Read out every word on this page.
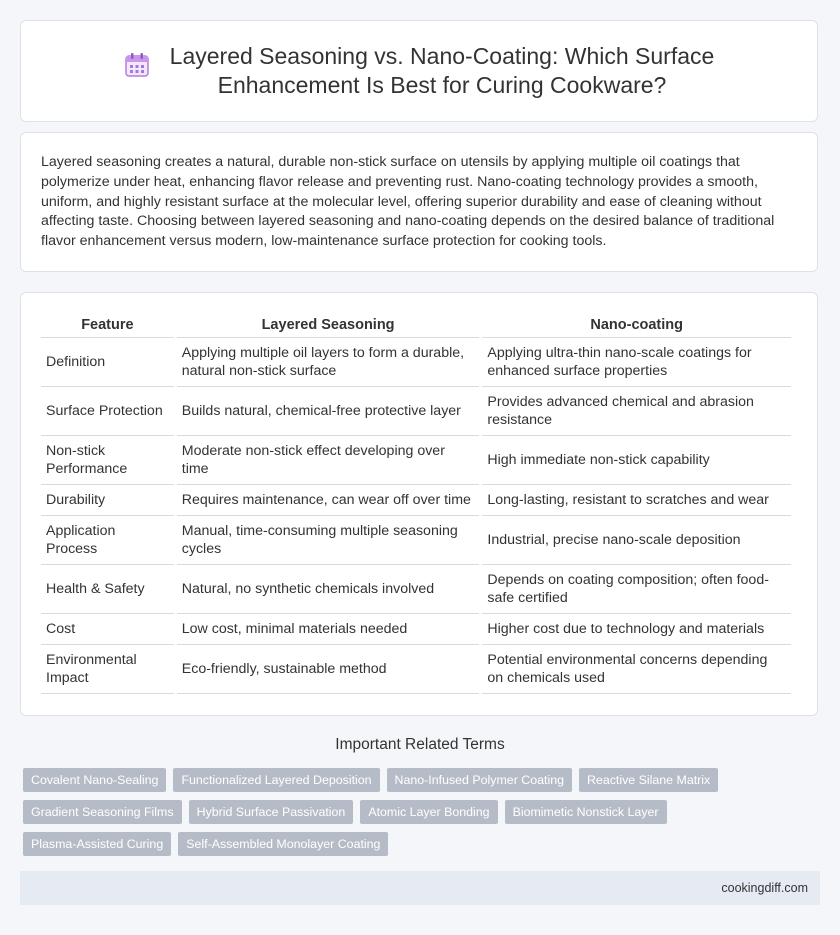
Layered Seasoning vs. Nano-Coating: Which Surface
Enhancement Is Best for Curing Cookware?

Layered seasoning creates a natural, durable non-stick surface on utensils by applying multiple oil coatings that polymerize under heat, enhancing flavor release and preventing rust. Nano-coating technology provides a smooth, uniform, and highly resistant surface at the molecular level, offering superior durability and ease of cleaning without affecting taste. Choosing between layered seasoning and nano-coating depends on the desired balance of traditional flavor enhancement versus modern, low-maintenance surface protection for cooking tools.

Feature	Layered Seasoning	Nano-coating
Definition	Applying multiple oil layers to form a durable, natural non-stick surface	Applying ultra-thin nano-scale coatings for enhanced surface properties
Surface Protection	Builds natural, chemical-free protective layer	Provides advanced chemical and abrasion resistance
Non-stick Performance	Moderate non-stick effect developing over time	High immediate non-stick capability
Durability	Requires maintenance, can wear off over time	Long-lasting, resistant to scratches and wear
Application Process	Manual, time-consuming multiple seasoning cycles	Industrial, precise nano-scale deposition
Health & Safety	Natural, no synthetic chemicals involved	Depends on coating composition; often food-safe certified
Cost	Low cost, minimal materials needed	Higher cost due to technology and materials
Environmental Impact	Eco-friendly, sustainable method	Potential environmental concerns depending on chemicals used
Important Related Terms
Covalent Nano-Sealing	Functionalized Layered Deposition	Nano-Infused Polymer Coating	Reactive Silane Matrix
Gradient Seasoning Films	Hybrid Surface Passivation	Atomic Layer Bonding	Biomimetic Nonstick Layer
Plasma-Assisted Curing	Self-Assembled Monolayer Coating
cookingdiff.com
